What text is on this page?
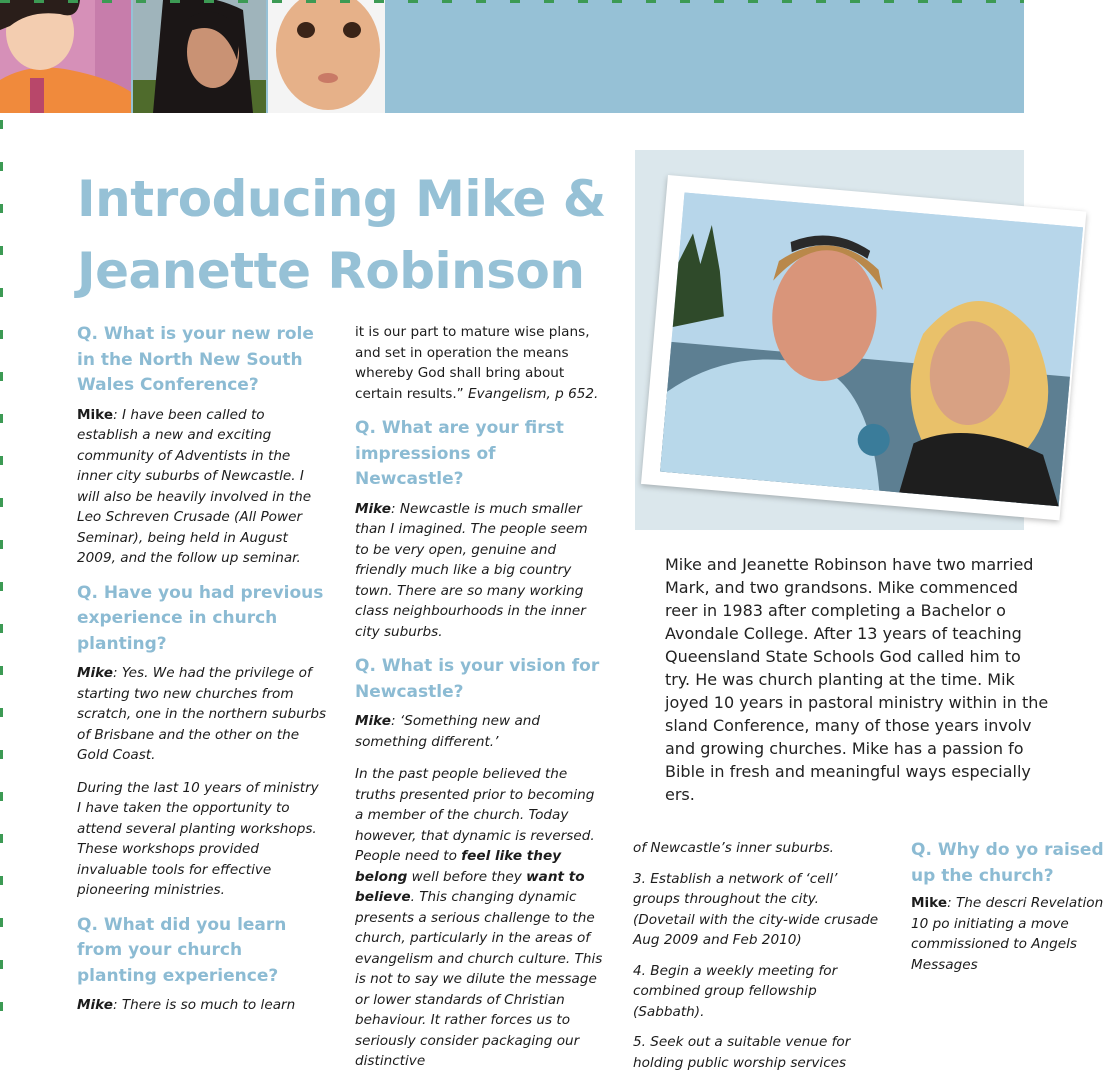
Introducing Mike &
Jeanette Robinson
Q. What is your new role in the North New South Wales Conference?
Mike: I have been called to establish a new and exciting community of Adventists in the inner city suburbs of Newcastle. I will also be heavily involved in the Leo Schreven Crusade (All Power Seminar), being held in August 2009, and the follow up seminar.
Q. Have you had previous experience in church planting?
Mike: Yes. We had the privilege of starting two new churches from scratch, one in the northern suburbs of Brisbane and the other on the Gold Coast.
During the last 10 years of ministry I have taken the opportunity to attend several planting workshops. These workshops provided invaluable tools for effective pioneering ministries.
Q. What did you learn from your church planting experience?
Mike: There is so much to learn
it is our part to mature wise plans, and set in operation the means whereby God shall bring about certain results.” Evangelism, p 652.
Q. What are your first impressions of Newcastle?
Mike: Newcastle is much smaller than I imagined. The people seem to be very open, genuine and friendly much like a big country town. There are so many working class neighbourhoods in the inner city suburbs.
Q. What is your vision for Newcastle?
Mike: ‘Something new and something different.’
In the past people believed the truths presented prior to becoming a member of the church. Today however, that dynamic is reversed. People need to feel like they belong well before they want to believe. This changing dynamic presents a serious challenge to the church, particularly in the areas of evangelism and church culture. This is not to say we dilute the message or lower standards of Christian behaviour. It rather forces us to seriously consider packaging our distinctive
Mike and Jeanette Robinson have two married
Mark, and two grandsons. Mike commenced
reer in 1983 after completing a Bachelor o
Avondale College. After 13 years of teaching
Queensland State Schools God called him to
try. He was church planting at the time. Mik
joyed 10 years in pastoral ministry within in the
sland Conference, many of those years involv
and growing churches. Mike has a passion fo
Bible in fresh and meaningful ways especially
ers.
of Newcastle’s inner suburbs.
3. Establish a network of ‘cell’ groups throughout the city. (Dovetail with the city-wide crusade Aug 2009 and Feb 2010)
4. Begin a weekly meeting for combined group fellowship (Sabbath).
5. Seek out a suitable venue for holding public worship services
Q. Why do yo raised up the church?
Mike: The descri Revelation 10 po initiating a move commissioned to Angels Messages
